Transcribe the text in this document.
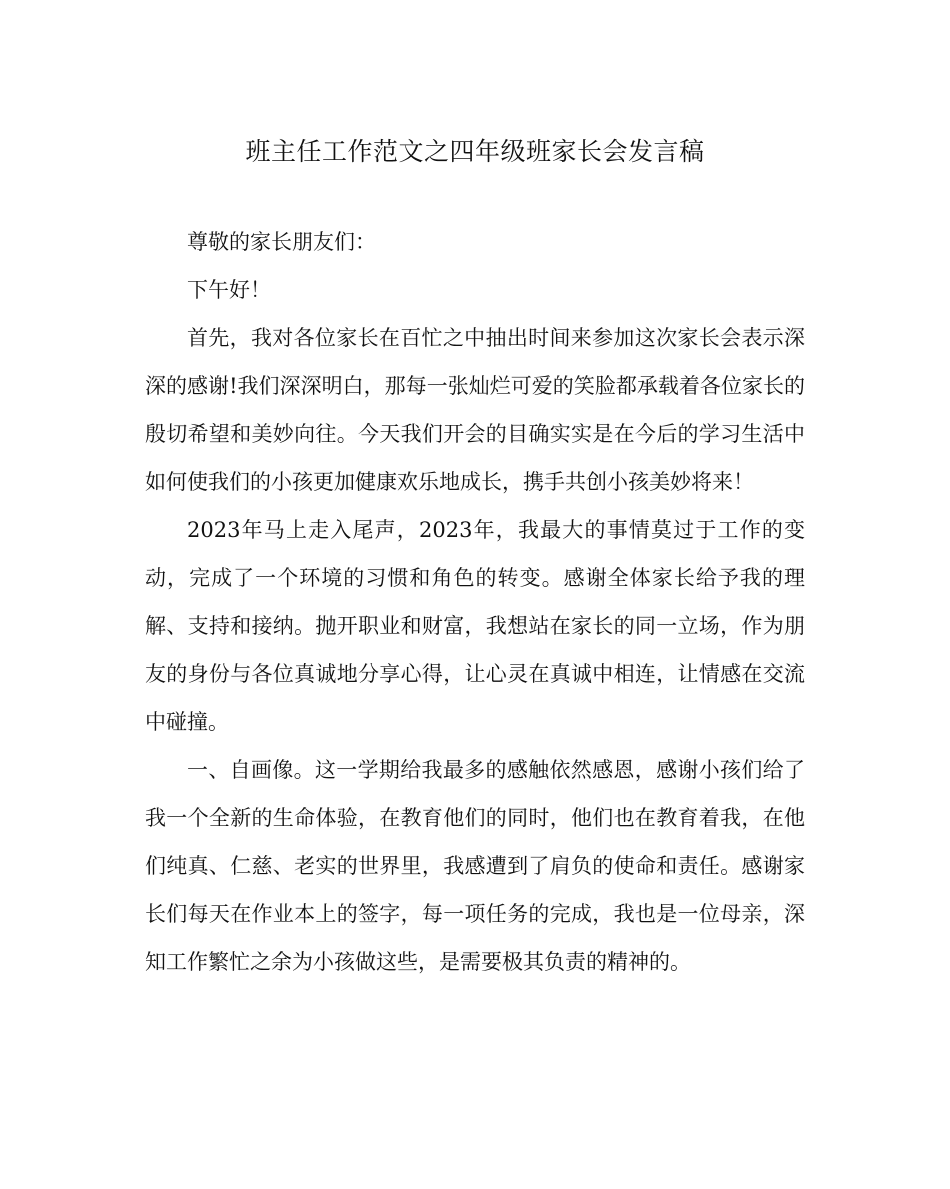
班主任工作范文之四年级班家长会发言稿

尊敬的家长朋友们：

下午好！

首先，我对各位家长在百忙之中抽出时间来参加这次家长会表示深深的感谢!我们深深明白，那每一张灿烂可爱的笑脸都承载着各位家长的殷切希望和美妙向往。今天我们开会的目确实实是在今后的学习生活中如何使我们的小孩更加健康欢乐地成长，携手共创小孩美妙将来！

2023年马上走入尾声，2023年，我最大的事情莫过于工作的变动，完成了一个环境的习惯和角色的转变。感谢全体家长给予我的理解、支持和接纳。抛开职业和财富，我想站在家长的同一立场，作为朋友的身份与各位真诚地分享心得，让心灵在真诚中相连，让情感在交流中碰撞。

一、自画像。这一学期给我最多的感触依然感恩，感谢小孩们给了我一个全新的生命体验，在教育他们的同时，他们也在教育着我，在他们纯真、仁慈、老实的世界里，我感遭到了肩负的使命和责任。感谢家长们每天在作业本上的签字，每一项任务的完成，我也是一位母亲，深知工作繁忙之余为小孩做这些，是需要极其负责的精神的。
